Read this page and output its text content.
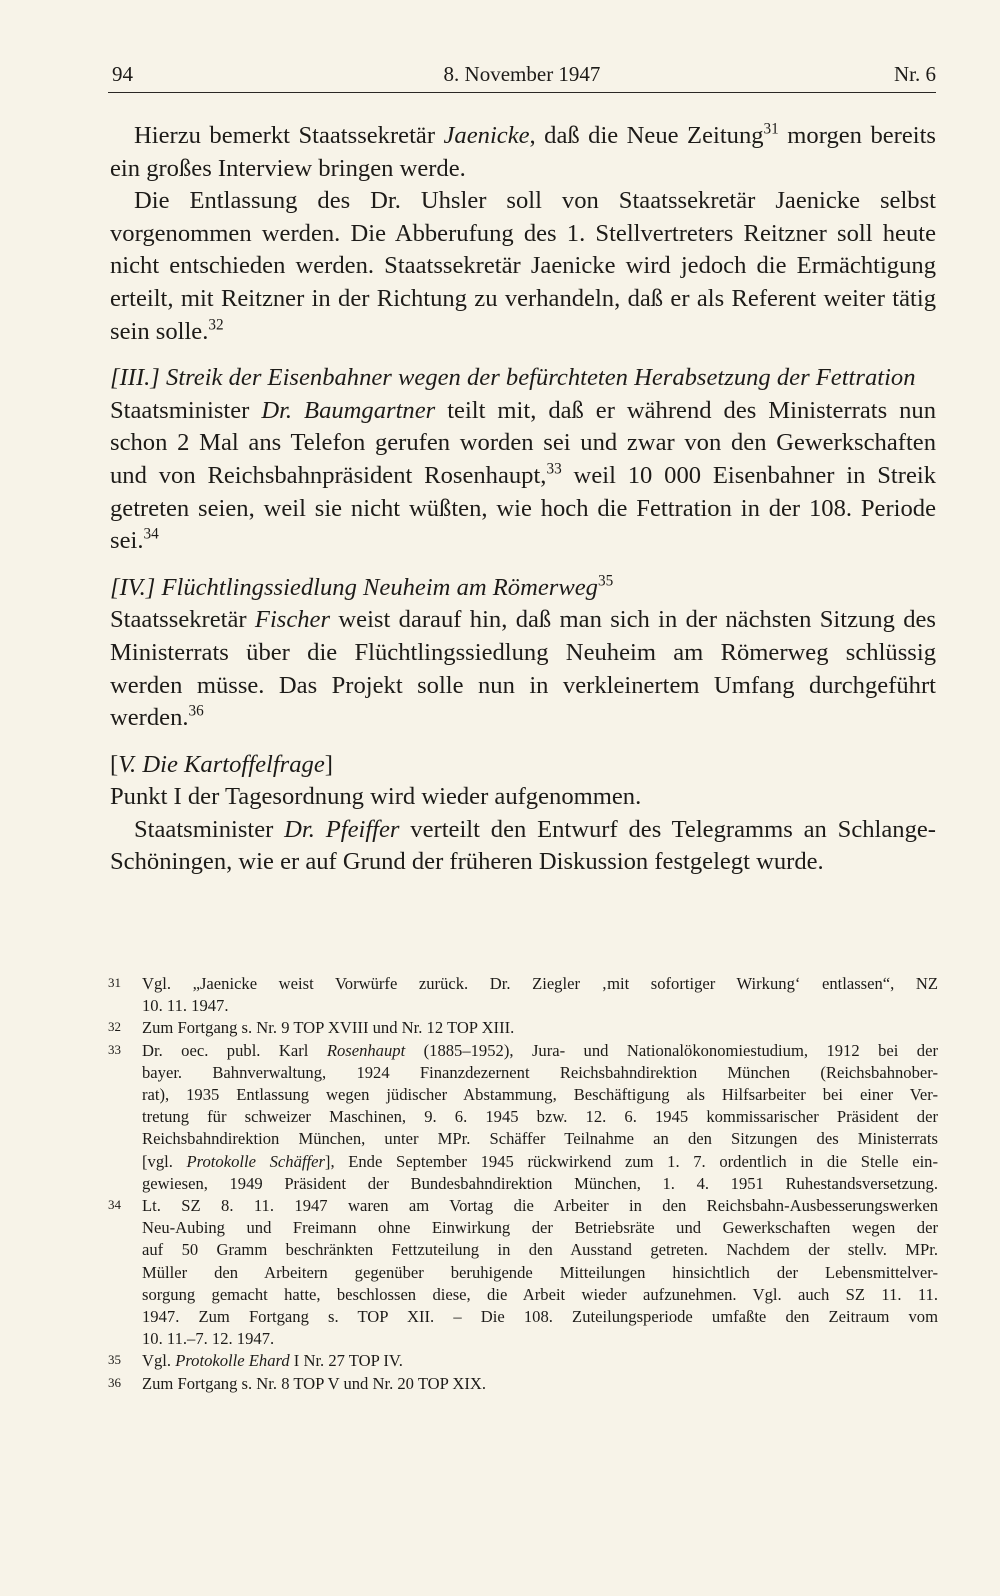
94	8. November 1947	Nr. 6

Hierzu bemerkt Staatssekretär Jaenicke, daß die Neue Zeitung$^{31}$ morgen bereits ein großes Interview bringen werde.

Die Entlassung des Dr. Uhsler soll von Staatssekretär Jaenicke selbst vorgenommen werden. Die Abberufung des 1. Stellvertreters Reitzner soll heute nicht entschieden werden. Staatssekretär Jaenicke wird jedoch die Ermächtigung erteilt, mit Reitzner in der Richtung zu verhandeln, daß er als Referent weiter tätig sein solle.$^{32}$

[III.] Streik der Eisenbahner wegen der befürchteten Herabsetzung der Fettration

Staatsminister Dr. Baumgartner teilt mit, daß er während des Ministerrats nun schon 2 Mal ans Telefon gerufen worden sei und zwar von den Gewerkschaften und von Reichsbahnpräsident Rosenhaupt,$^{33}$ weil 10 000 Eisenbahner in Streik getreten seien, weil sie nicht wüßten, wie hoch die Fettration in der 108. Periode sei.$^{34}$

[IV.] Flüchtlingssiedlung Neuheim am Römerweg$^{35}$

Staatssekretär Fischer weist darauf hin, daß man sich in der nächsten Sitzung des Ministerrats über die Flüchtlingssiedlung Neuheim am Römerweg schlüssig werden müsse. Das Projekt solle nun in verkleinertem Umfang durchgeführt werden.$^{36}$

[V. Die Kartoffelfrage]

Punkt I der Tagesordnung wird wieder aufgenommen.

Staatsminister Dr. Pfeiffer verteilt den Entwurf des Telegramms an Schlange-Schöningen, wie er auf Grund der früheren Diskussion festgelegt wurde.

31 Vgl. „Jaenicke weist Vorwürfe zurück. Dr. Ziegler ‚mit sofortiger Wirkung‘ entlassen“, NZ
10. 11. 1947.
32 Zum Fortgang s. Nr. 9 TOP XVIII und Nr. 12 TOP XIII.
33 Dr. oec. publ. Karl Rosenhaupt (1885–1952), Jura- und Nationalökonomiestudium, 1912 bei der
bayer. Bahnverwaltung, 1924 Finanzdezernent Reichsbahndirektion München (Reichsbahnober-
rat), 1935 Entlassung wegen jüdischer Abstammung, Beschäftigung als Hilfsarbeiter bei einer Ver-
tretung für schweizer Maschinen, 9. 6. 1945 bzw. 12. 6. 1945 kommissarischer Präsident der
Reichsbahndirektion München, unter MPr. Schäffer Teilnahme an den Sitzungen des Ministerrats
[vgl. Protokolle Schäffer], Ende September 1945 rückwirkend zum 1. 7. ordentlich in die Stelle ein-
gewiesen, 1949 Präsident der Bundesbahndirektion München, 1. 4. 1951 Ruhestandsversetzung.
34 Lt. SZ 8. 11. 1947 waren am Vortag die Arbeiter in den Reichsbahn-Ausbesserungswerken
Neu-Aubing und Freimann ohne Einwirkung der Betriebsräte und Gewerkschaften wegen der
auf 50 Gramm beschränkten Fettzuteilung in den Ausstand getreten. Nachdem der stellv. MPr.
Müller den Arbeitern gegenüber beruhigende Mitteilungen hinsichtlich der Lebensmittelver-
sorgung gemacht hatte, beschlossen diese, die Arbeit wieder aufzunehmen. Vgl. auch SZ 11. 11.
1947. Zum Fortgang s. TOP XII. – Die 108. Zuteilungsperiode umfaßte den Zeitraum vom
10. 11.–7. 12. 1947.
35 Vgl. Protokolle Ehard I Nr. 27 TOP IV.
36 Zum Fortgang s. Nr. 8 TOP V und Nr. 20 TOP XIX.
